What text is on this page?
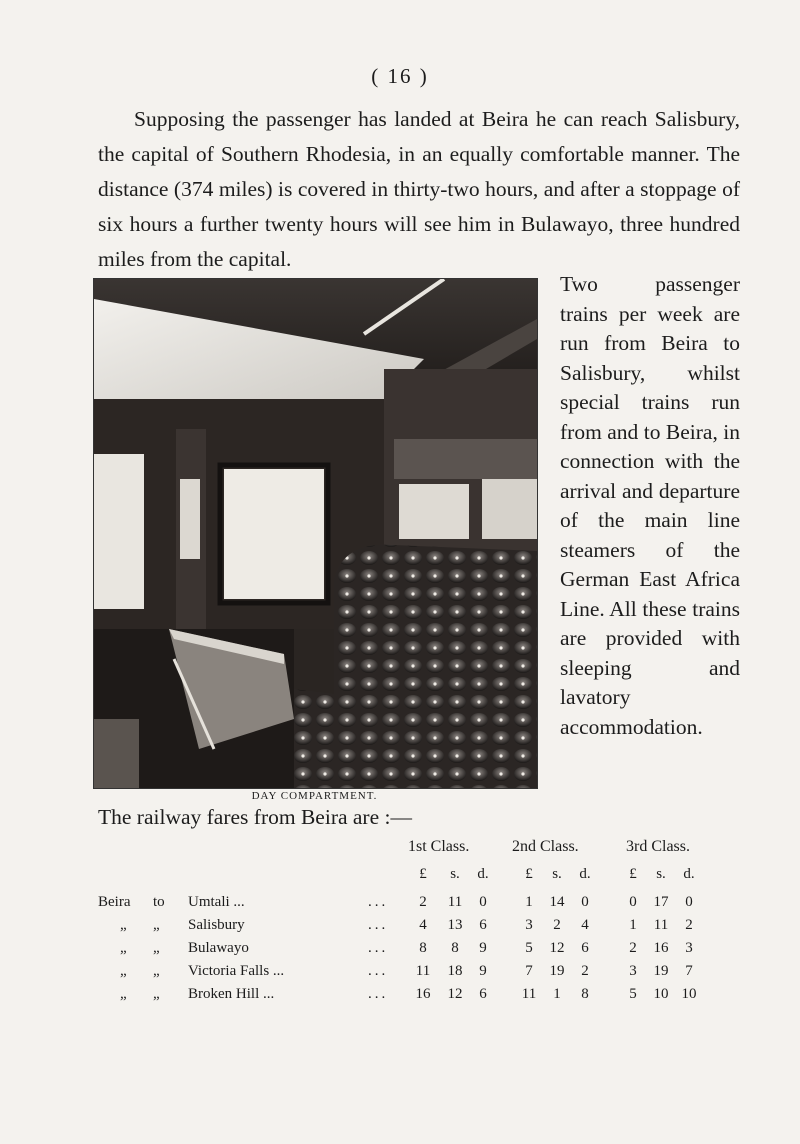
( 16 )

Supposing the passenger has landed at Beira he can reach Salisbury, the capital of Southern Rhodesia, in an equally comfortable manner. The distance (374 miles) is covered in thirty-two hours, and after a stoppage of six hours a further twenty hours will see him in Bulawayo, three hundred miles from the capital.

DAY COMPARTMENT.

Two passenger trains per week are run from Beira to Salisbury, whilst special trains run from and to Beira, in connection with the arrival and departure of the main line steamers of the German East Africa Line. All these trains are provided with sleeping and lavatory accommodation.

The railway fares from Beira are :—

1st Class.	2nd Class.	3rd Class.
£	s.	d.	£	s.	d.	£	s.	d.
Beira to Umtali ...	...	2	11	0	1	14	0	0	17	0
„ „ Salisbury	...	4	13	6	3	2	4	1	11	2
„ „ Bulawayo	...	8	8	9	5	12	6	2	16	3
„ „ Victoria Falls ...	...	11	18	9	7	19	2	3	19	7
„ „ Broken Hill ...	...	16	12	6	11	1	8	5	10 10
